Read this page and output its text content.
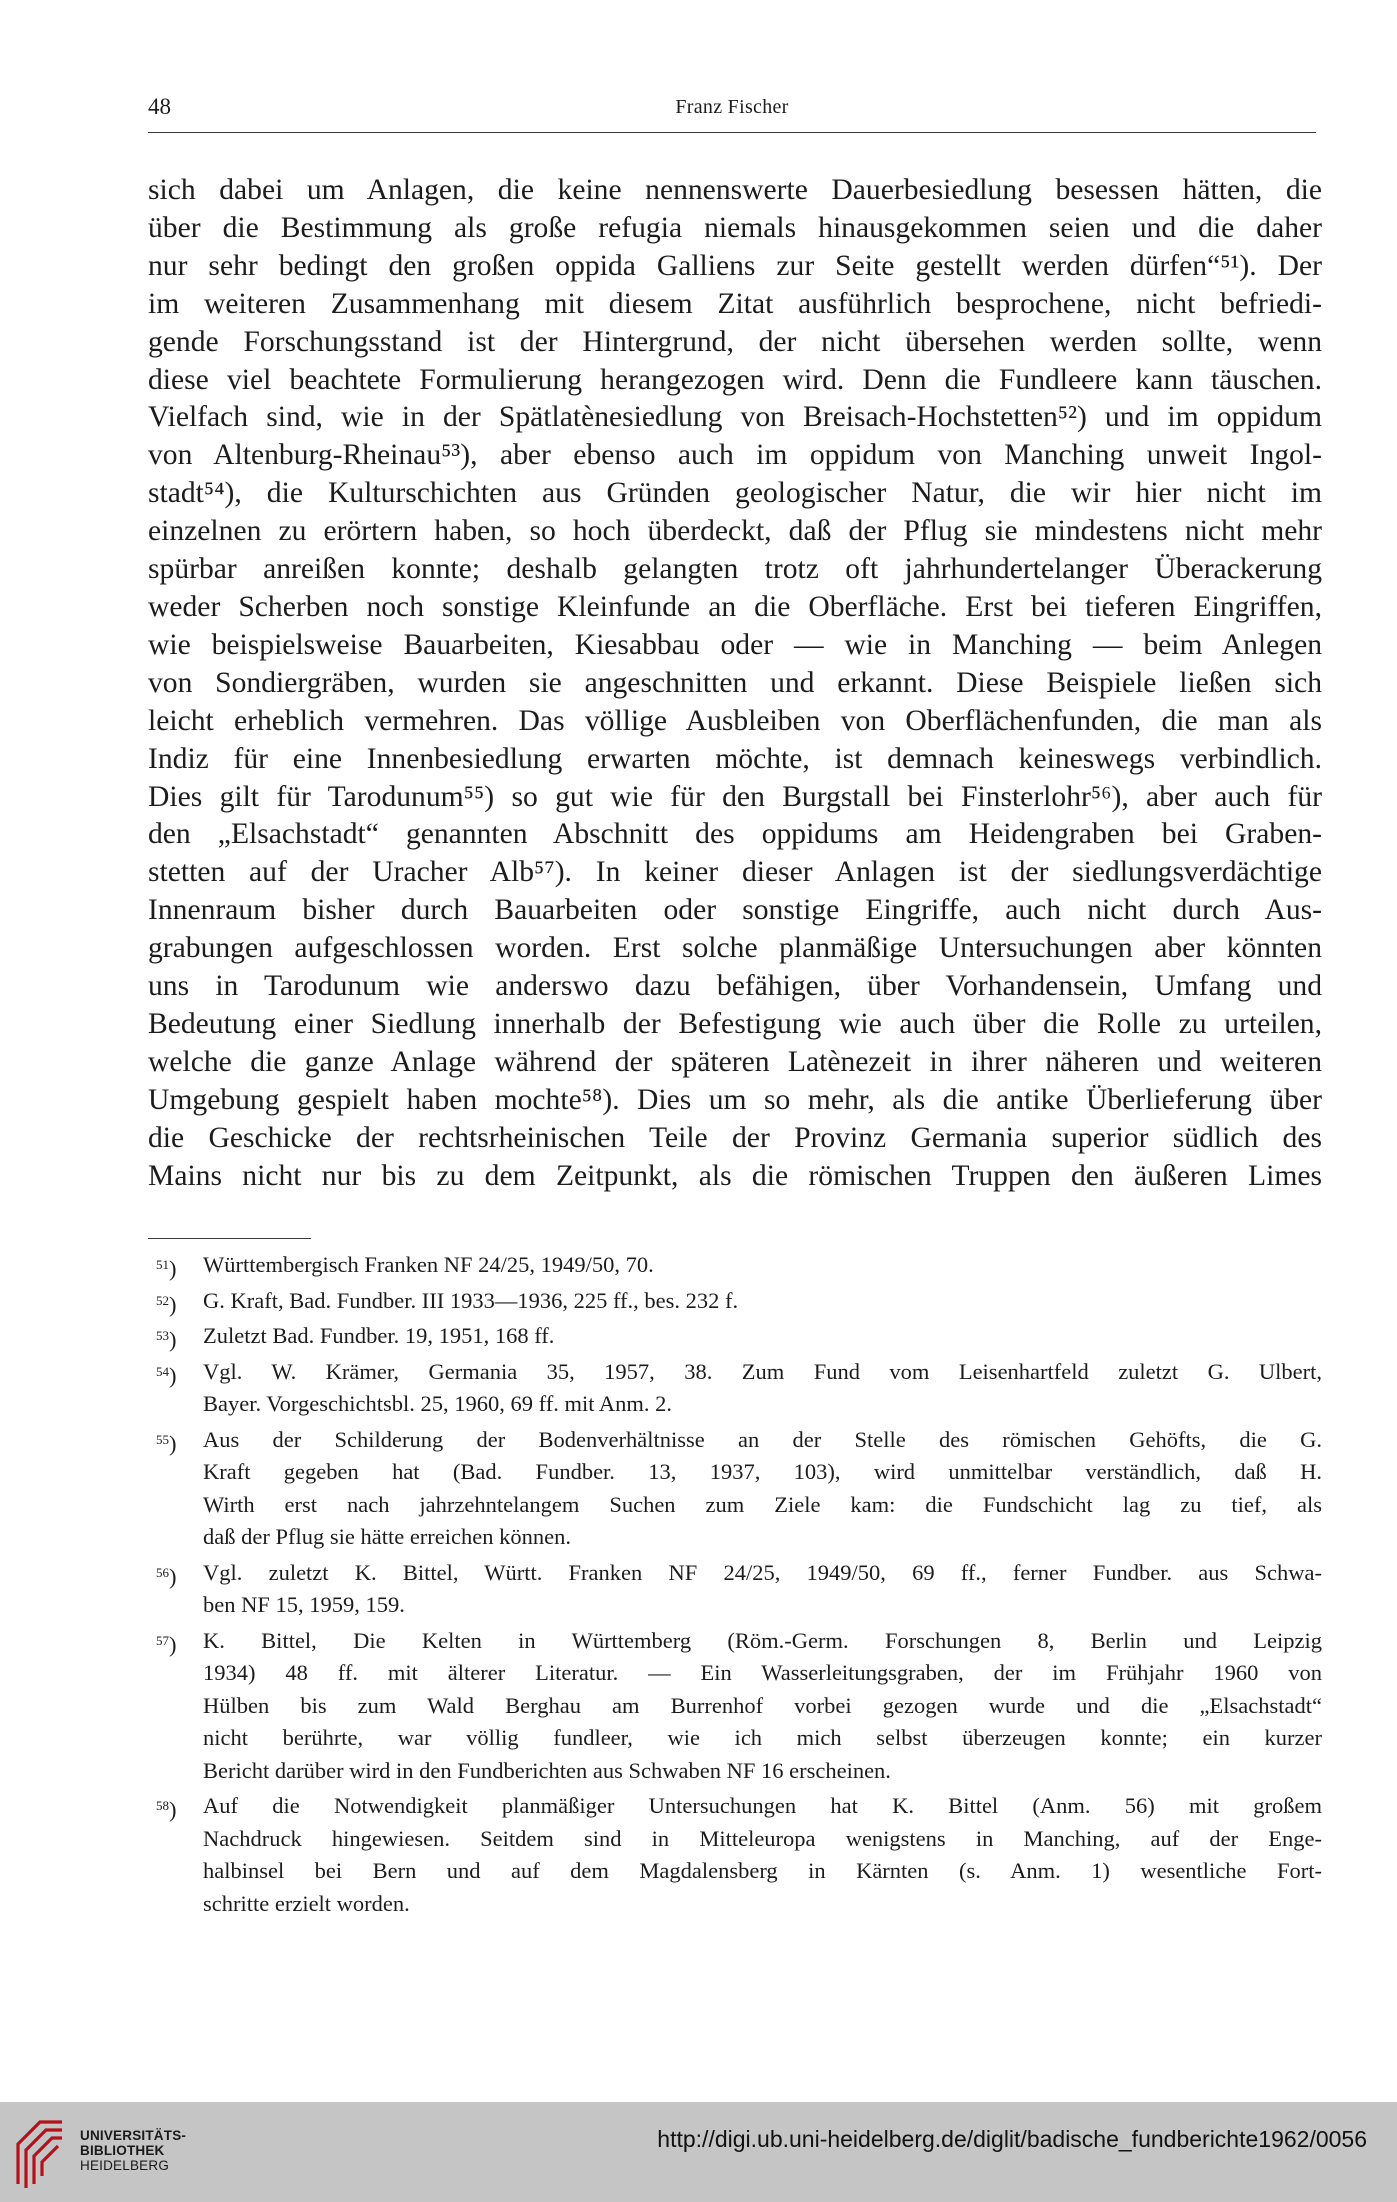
48	Franz Fischer
sich dabei um Anlagen, die keine nennenswerte Dauerbesiedlung besessen hätten, die
über die Bestimmung als große refugia niemals hinausgekommen seien und die daher
nur sehr bedingt den großen oppida Galliens zur Seite gestellt werden dürfen“⁵¹). Der
im weiteren Zusammenhang mit diesem Zitat ausführlich besprochene, nicht befriedi-
gende Forschungsstand ist der Hintergrund, der nicht übersehen werden sollte, wenn
diese viel beachtete Formulierung herangezogen wird. Denn die Fundleere kann täuschen.
Vielfach sind, wie in der Spätlatènesiedlung von Breisach-Hochstetten⁵²) und im oppidum
von Altenburg-Rheinau⁵³), aber ebenso auch im oppidum von Manching unweit Ingol-
stadt⁵⁴), die Kulturschichten aus Gründen geologischer Natur, die wir hier nicht im
einzelnen zu erörtern haben, so hoch überdeckt, daß der Pflug sie mindestens nicht mehr
spürbar anreißen konnte; deshalb gelangten trotz oft jahrhundertelanger Überackerung
weder Scherben noch sonstige Kleinfunde an die Oberfläche. Erst bei tieferen Eingriffen,
wie beispielsweise Bauarbeiten, Kiesabbau oder — wie in Manching — beim Anlegen
von Sondiergräben, wurden sie angeschnitten und erkannt. Diese Beispiele ließen sich
leicht erheblich vermehren. Das völlige Ausbleiben von Oberflächenfunden, die man als
Indiz für eine Innenbesiedlung erwarten möchte, ist demnach keineswegs verbindlich.
Dies gilt für Tarodunum⁵⁵) so gut wie für den Burgstall bei Finsterlohr⁵⁶), aber auch für
den „Elsachstadt“ genannten Abschnitt des oppidums am Heidengraben bei Graben-
stetten auf der Uracher Alb⁵⁷). In keiner dieser Anlagen ist der siedlungsverdächtige
Innenraum bisher durch Bauarbeiten oder sonstige Eingriffe, auch nicht durch Aus-
grabungen aufgeschlossen worden. Erst solche planmäßige Untersuchungen aber könnten
uns in Tarodunum wie anderswo dazu befähigen, über Vorhandensein, Umfang und
Bedeutung einer Siedlung innerhalb der Befestigung wie auch über die Rolle zu urteilen,
welche die ganze Anlage während der späteren Latènezeit in ihrer näheren und weiteren
Umgebung gespielt haben mochte⁵⁸). Dies um so mehr, als die antike Überlieferung über
die Geschicke der rechtsrheinischen Teile der Provinz Germania superior südlich des
Mains nicht nur bis zu dem Zeitpunkt, als die römischen Truppen den äußeren Limes
$^{51}$)	Württembergisch Franken NF 24/25, 1949/50, 70.
$^{52}$)	G. Kraft, Bad. Fundber. III 1933—1936, 225 ff., bes. 232 f.
$^{53}$)	Zuletzt Bad. Fundber. 19, 1951, 168 ff.
$^{54}$)	Vgl. W. Krämer, Germania 35, 1957, 38. Zum Fund vom Leisenhartfeld zuletzt G. Ulbert,
Bayer. Vorgeschichtsbl. 25, 1960, 69 ff. mit Anm. 2.
$^{55}$)	Aus der Schilderung der Bodenverhältnisse an der Stelle des römischen Gehöfts, die G.
Kraft gegeben hat (Bad. Fundber. 13, 1937, 103), wird unmittelbar verständlich, daß H.
Wirth erst nach jahrzehntelangem Suchen zum Ziele kam: die Fundschicht lag zu tief, als
daß der Pflug sie hätte erreichen können.
$^{56}$)	Vgl. zuletzt K. Bittel, Württ. Franken NF 24/25, 1949/50, 69 ff., ferner Fundber. aus Schwa-
ben NF 15, 1959, 159.
$^{57}$)	K. Bittel, Die Kelten in Württemberg (Röm.-Germ. Forschungen 8, Berlin und Leipzig
1934) 48 ff. mit älterer Literatur. — Ein Wasserleitungsgraben, der im Frühjahr 1960 von
Hülben bis zum Wald Berghau am Burrenhof vorbei gezogen wurde und die „Elsachstadt“
nicht berührte, war völlig fundleer, wie ich mich selbst überzeugen konnte; ein kurzer
Bericht darüber wird in den Fundberichten aus Schwaben NF 16 erscheinen.
$^{58}$)	Auf die Notwendigkeit planmäßiger Untersuchungen hat K. Bittel (Anm. 56) mit großem
Nachdruck hingewiesen. Seitdem sind in Mitteleuropa wenigstens in Manching, auf der Enge-
halbinsel bei Bern und auf dem Magdalensberg in Kärnten (s. Anm. 1) wesentliche Fort-
schritte erzielt worden.
UNIVERSITÄTS-
BIBLIOTHEK
HEIDELBERG
http://digi.ub.uni-heidelberg.de/diglit/badische_fundberichte1962/0056
